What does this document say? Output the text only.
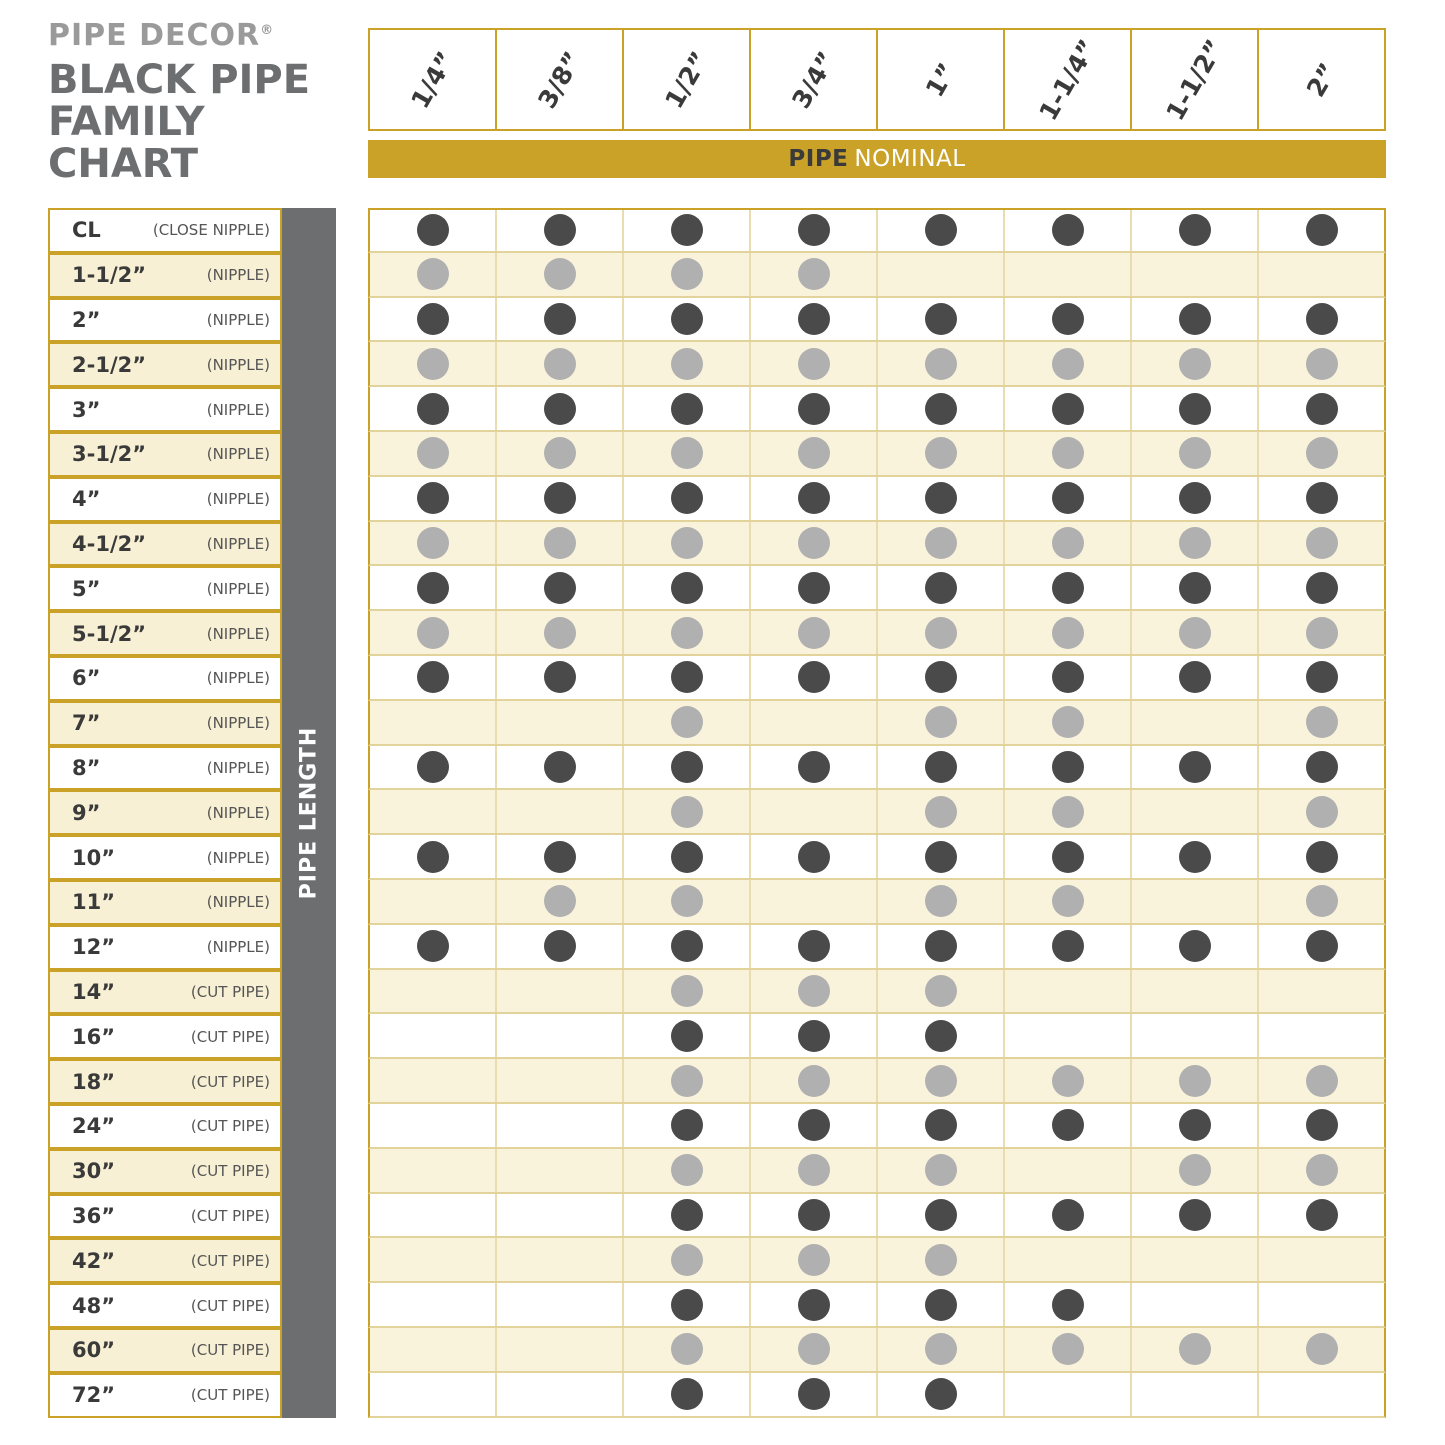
PIPE DECOR®
BLACK PIPE
FAMILY CHART
1/4”	3/8”	1/2”	3/4”	1”	1-1/4” 1-1/2”	2”
PIPE NOMINAL
PIPE LENGTH
CL	(CLOSE NIPPLE)
1-1/2”	(NIPPLE)
2”	(NIPPLE)
2-1/2”	(NIPPLE)
3”	(NIPPLE)
3-1/2”	(NIPPLE)
4”	(NIPPLE)
4-1/2”	(NIPPLE)
5”	(NIPPLE)
5-1/2”	(NIPPLE)
6”	(NIPPLE)
7”	(NIPPLE)
8”	(NIPPLE)
9”	(NIPPLE)
10”	(NIPPLE)
11”	(NIPPLE)
12”	(NIPPLE)
14”	(CUT PIPE)
16”	(CUT PIPE)
18”	(CUT PIPE)
24”	(CUT PIPE)
30”	(CUT PIPE)
36”	(CUT PIPE)
42”	(CUT PIPE)
48”	(CUT PIPE)
60”	(CUT PIPE)
72”	(CUT PIPE)
